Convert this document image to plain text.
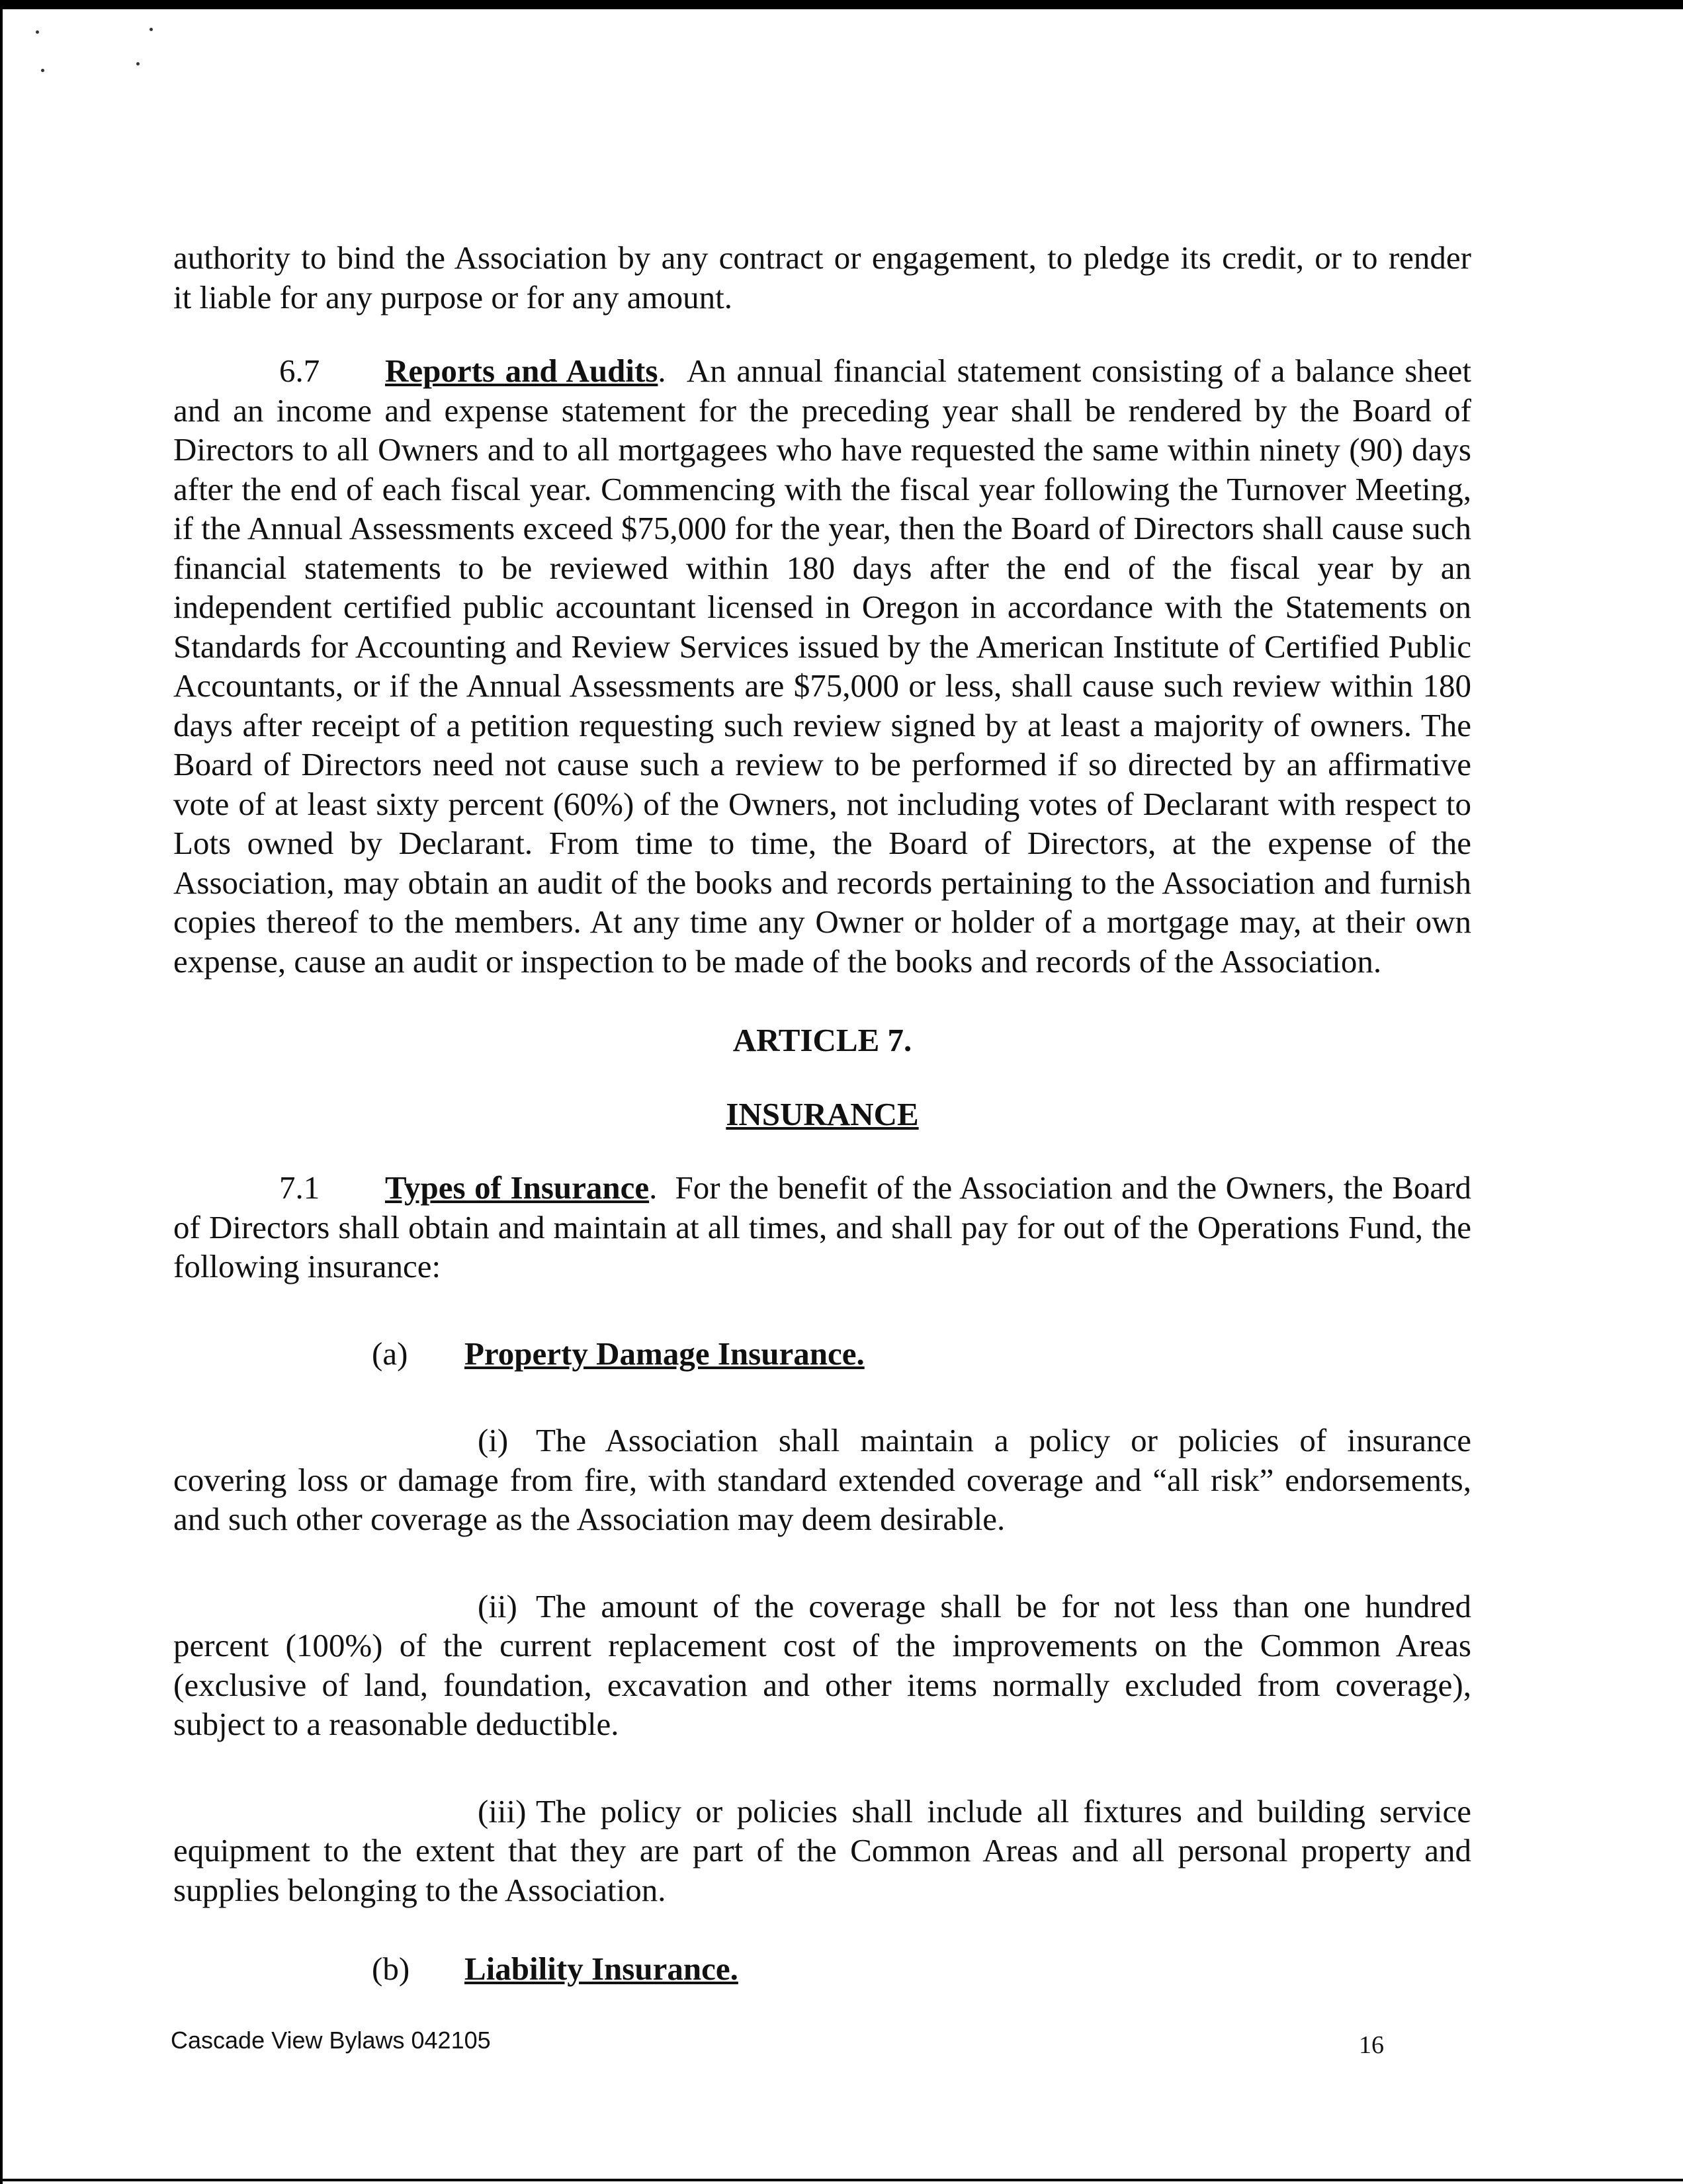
authority to bind the Association by any contract or engagement, to pledge its credit, or to render

it liable for any purpose or for any amount.

6.7 Reports and Audits.  An annual financial statement consisting of a balance sheet and an income and expense statement for the preceding year shall be rendered by the Board of Directors to all Owners and to all mortgagees who have requested the same within ninety (90) days after the end of each fiscal year. Commencing with the fiscal year following the Turnover Meeting, if the Annual Assessments exceed $75,000 for the year, then the Board of Directors shall cause such financial statements to be reviewed within 180 days after the end of the fiscal year by an independent certified public accountant licensed in Oregon in accordance with the Statements on Standards for Accounting and Review Services issued by the American Institute of Certified Public Accountants, or if the Annual Assessments are $75,000 or less, shall cause such review within 180 days after receipt of a petition requesting such review signed by at least a majority of owners. The Board of Directors need not cause such a review to be performed if so directed by an affirmative vote of at least sixty percent (60%) of the Owners, not including votes of Declarant with respect to Lots owned by Declarant. From time to time, the Board of Directors, at the expense of the Association, may obtain an audit of the books and records pertaining to the Association and furnish copies thereof to the members. At any time any Owner or holder of a mortgage may, at their own expense, cause an audit or inspection to be made of the books and records of the Association.

ARTICLE 7.

INSURANCE

7.1 Types of Insurance.  For the benefit of the Association and the Owners, the Board of Directors shall obtain and maintain at all times, and shall pay for out of the Operations Fund, the following insurance:

(a) Property Damage Insurance.

(i) The Association shall maintain a policy or policies of insurance covering loss or damage from fire, with standard extended coverage and “all risk” endorsements, and such other coverage as the Association may deem desirable.

(ii) The amount of the coverage shall be for not less than one hundred percent (100%) of the current replacement cost of the improvements on the Common Areas (exclusive of land, foundation, excavation and other items normally excluded from coverage), subject to a reasonable deductible.

(iii) The policy or policies shall include all fixtures and building service equipment to the extent that they are part of the Common Areas and all personal property and supplies belonging to the Association.

(b) Liability Insurance.

Cascade View Bylaws 042105	16
